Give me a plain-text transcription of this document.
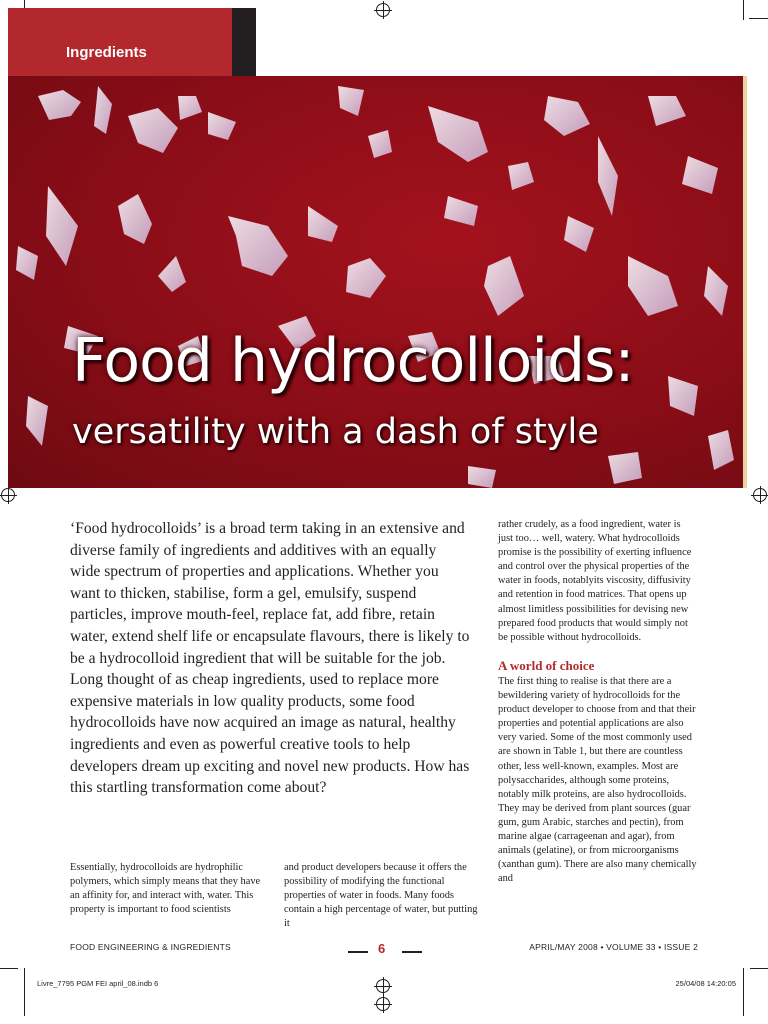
Ingredients
Food hydrocolloids:
versatility with a dash of style
‘Food hydrocolloids’ is a broad term taking in an extensive and diverse family of ingredients and additives with an equally wide spectrum of properties and applications. Whether you want to thicken, stabilise, form a gel, emulsify, suspend particles, improve mouth-feel, replace fat, add fibre, retain water, extend shelf life or encapsulate flavours, there is likely to be a hydrocolloid ingredient that will be suitable for the job. Long thought of as cheap ingredients, used to replace more expensive materials in low quality products, some food hydrocolloids have now acquired an image as natural, healthy ingredients and even as powerful creative tools to help developers dream up exciting and novel new products. How has this startling transformation come about?
Essentially, hydrocolloids are hydrophilic polymers, which simply means that they have an affinity for, and interact with, water. This property is important to food scientists
and product developers because it offers the possibility of modifying the functional properties of water in foods. Many foods contain a high percentage of water, but putting it

rather crudely, as a food ingredient, water is just too… well, watery. What hydrocolloids promise is the possibility of exerting influence and control over the physical properties of the water in foods, notablyits viscosity, diffusivity and retention in food matrices. That opens up almost limitless possibilities for devising new prepared food products that would simply not be possible without hydrocolloids.

A world of choice

The first thing to realise is that there are a bewildering variety of hydrocolloids for the product developer to choose from and that their properties and potential applications are also very varied. Some of the most commonly used are shown in Table 1, but there are countless other, less well-known, examples. Most are polysaccharides, although some proteins, notably milk proteins, are also hydrocolloids. They may be derived from plant sources (guar gum, gum Arabic, starches and pectin), from marine algae (carrageenan and agar), from animals (gelatine), or from microorganisms (xanthan gum). There are also many chemically and

FOOD ENGINEERING & INGREDIENTS	6	APRIL/MAY 2008 • VOLUME 33 • ISSUE 2
Livre_7795 PGM FEI april_08.indb 6	25/04/08 14:20:05
